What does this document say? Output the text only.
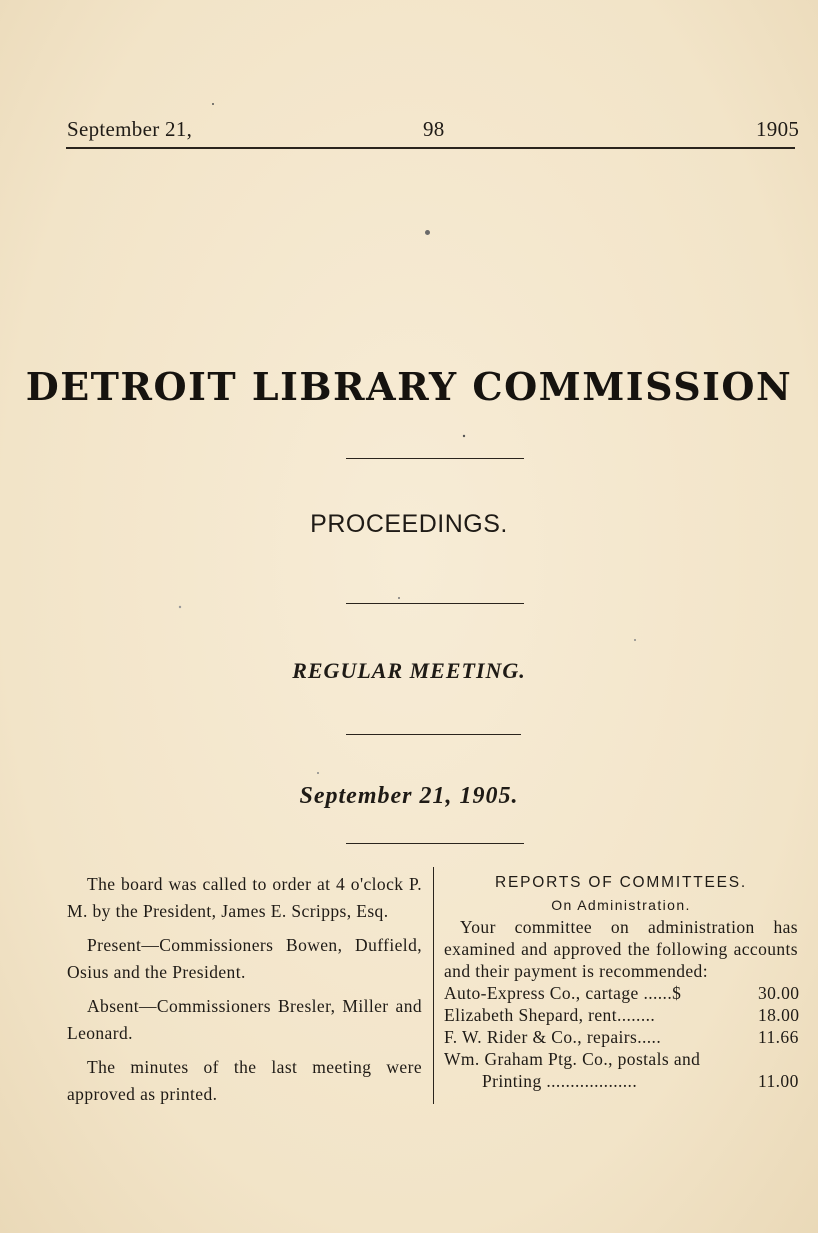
September 21,	98	1905
DETROIT LIBRARY COMMISSION
PROCEEDINGS.
REGULAR MEETING.
September 21, 1905.

The board was called to order at 4 o'clock P. M. by the President, James E. Scripps, Esq.

Present—Commissioners Bowen, Duffield, Osius and the President.

Absent—Commissioners Bresler, Miller and Leonard.

The minutes of the last meeting were approved as printed.

REPORTS OF COMMITTEES.
On Administration.

Your committee on administration has examined and approved the following accounts and their payment is recommended:

Auto-Express Co., cartage ......$	30.00
Elizabeth Shepard, rent........	18.00
F. W. Rider & Co., repairs.....	11.66
Wm. Graham Ptg. Co., postals and
Printing ...................	11.00
